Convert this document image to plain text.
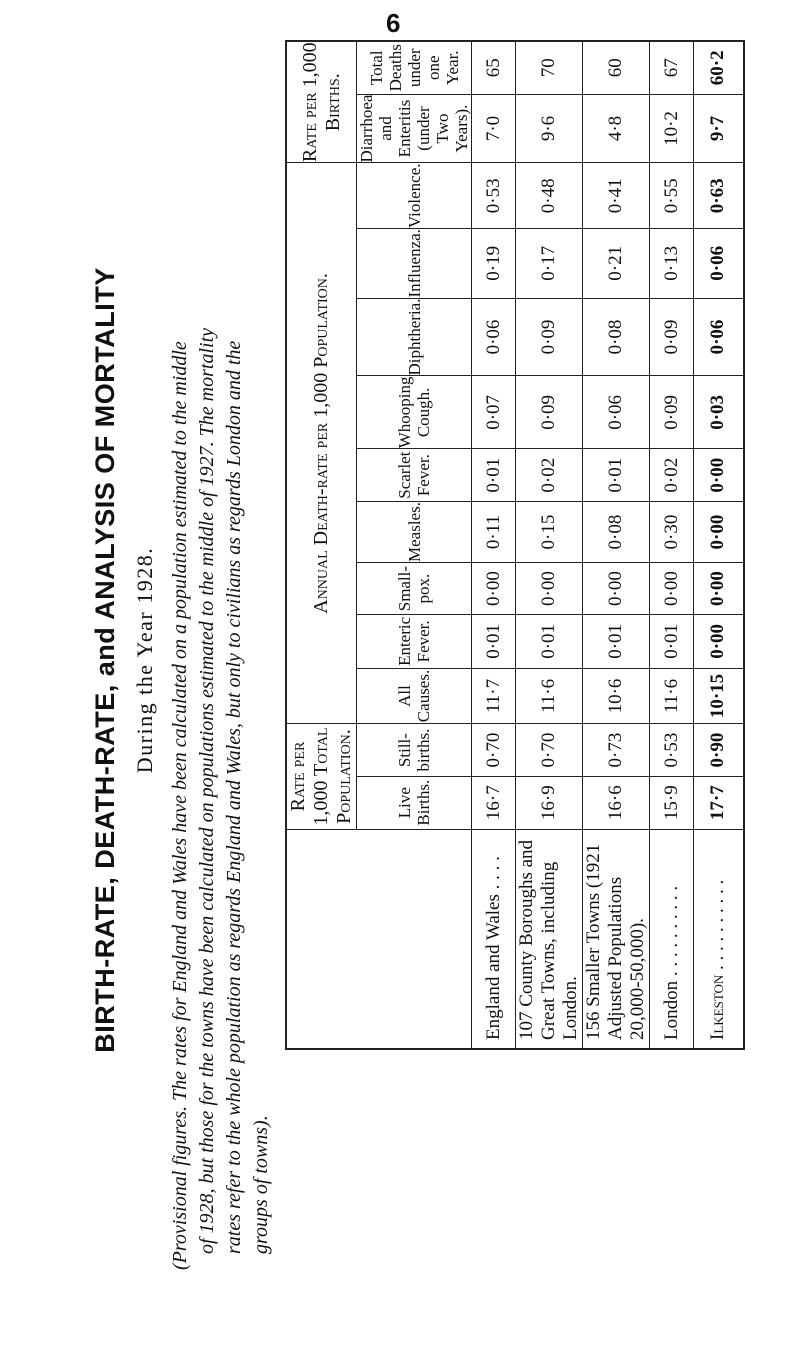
6
BIRTH-RATE, DEATH-RATE, and ANALYSIS OF MORTALITY During the Year 1928. (Provisional figures. The rates for England and Wales have been calculated on a population estimated to the middle of 1928, but those for the towns have been calculated on populations estimated to the middle of 1927. The mortality rates refer to the whole population as regards England and Wales, but only to civilians as regards London and the groups of towns).
	Rate per 1,000 Total Population.		Annual Death-rate per 1,000 Population.									Rate per 1,000 Births.	
	Live Births.	Still-births.	All Causes.	Enteric Fever.	Small-pox.	Measles.	Scarlet Fever.	Whooping Cough.	Diphtheria.	Influenza.	Violence.	Diarrhoea and Enteritis (under Two Years).	Total Deaths under one Year.
England and Wales . . . .	16·7	0·70	11·7	0·01	0·00	0·11	0·01	0·07	0·06	0·19	0·53	7·0	65
107 County Boroughs and Great Towns, including London.	16·9	0·70	11·6	0·01	0·00	0·15	0·02	0·09	0·09	0·17	0·48	9·6	70
156 Smaller Towns (1921 Adjusted Populations 20,000-50,000).	16·6	0·73	10·6	0·01	0·00	0·08	0·01	0·06	0·08	0·21	0·41	4·8	60
London . . . . . . . . . .	15·9	0·53	11·6	0·01	0·00	0·30	0·02	0·09	0·09	0·13	0·55	10·2	67
Ilkeston . . . . . . . . . .	17·7	0·90	10·15	0·00	0·00	0·00	0·00	0·03	0·06	0·06	0·63	9·7	60·2
